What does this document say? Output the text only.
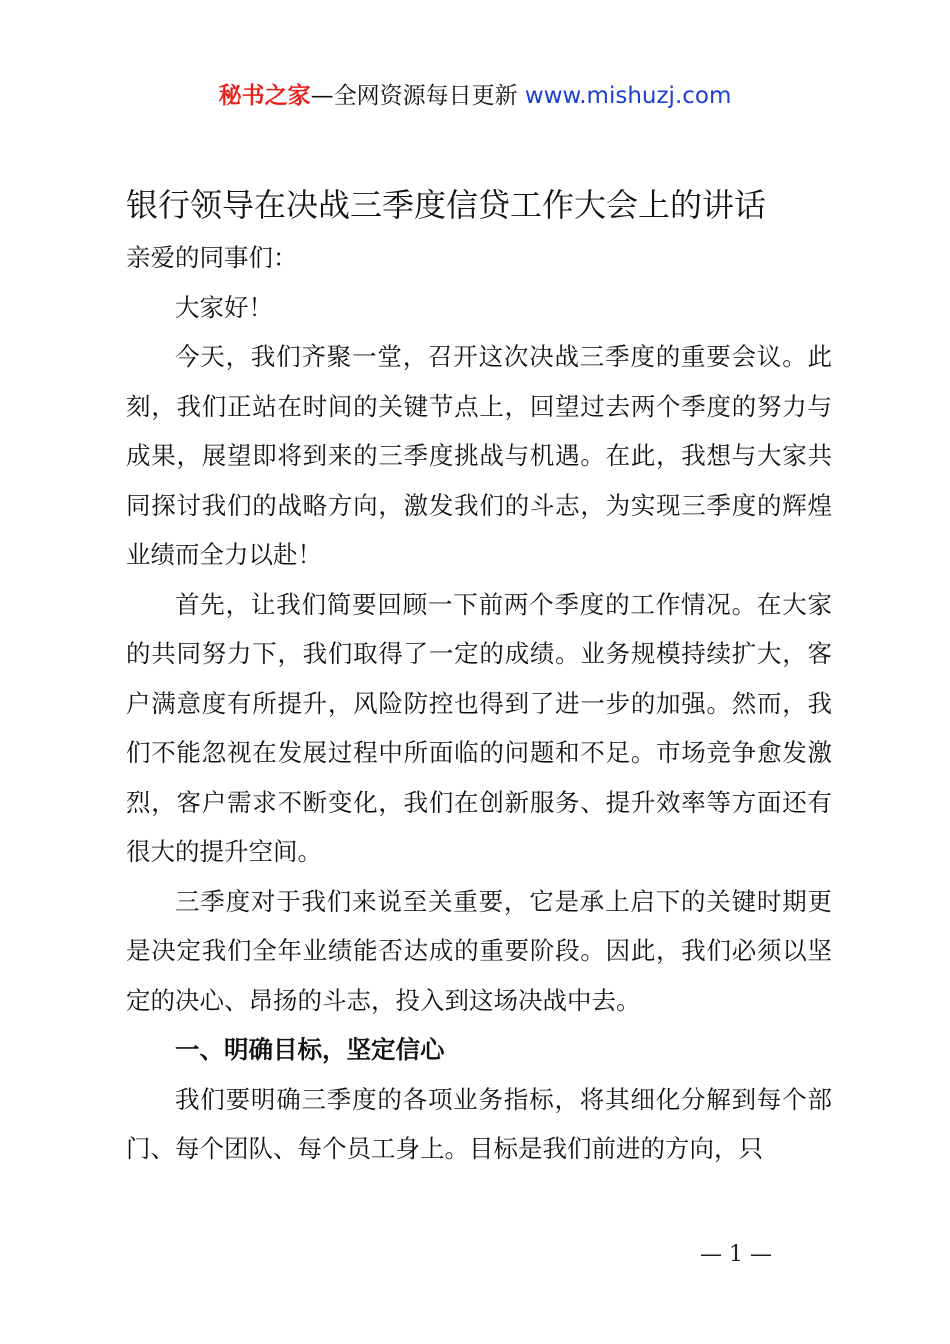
秘书之家—全网资源每日更新 www.mishuzj.com
银行领导在决战三季度信贷工作大会上的讲话

亲爱的同事们：

大家好！

今天，我们齐聚一堂，召开这次决战三季度的重要会议。此刻，我们正站在时间的关键节点上，回望过去两个季度的努力与成果，展望即将到来的三季度挑战与机遇。在此，我想与大家共同探讨我们的战略方向，激发我们的斗志，为实现三季度的辉煌业绩而全力以赴！

首先，让我们简要回顾一下前两个季度的工作情况。在大家的共同努力下，我们取得了一定的成绩。业务规模持续扩大，客户满意度有所提升，风险防控也得到了进一步的加强。然而，我们不能忽视在发展过程中所面临的问题和不足。市场竞争愈发激烈，客户需求不断变化，我们在创新服务、提升效率等方面还有很大的提升空间。

三季度对于我们来说至关重要，它是承上启下的关键时期更是决定我们全年业绩能否达成的重要阶段。因此，我们必须以坚定的决心、昂扬的斗志，投入到这场决战中去。

一、明确目标，坚定信心

我们要明确三季度的各项业务指标，将其细化分解到每个部门、每个团队、每个员工身上。目标是我们前进的方向，只

— 1 —
